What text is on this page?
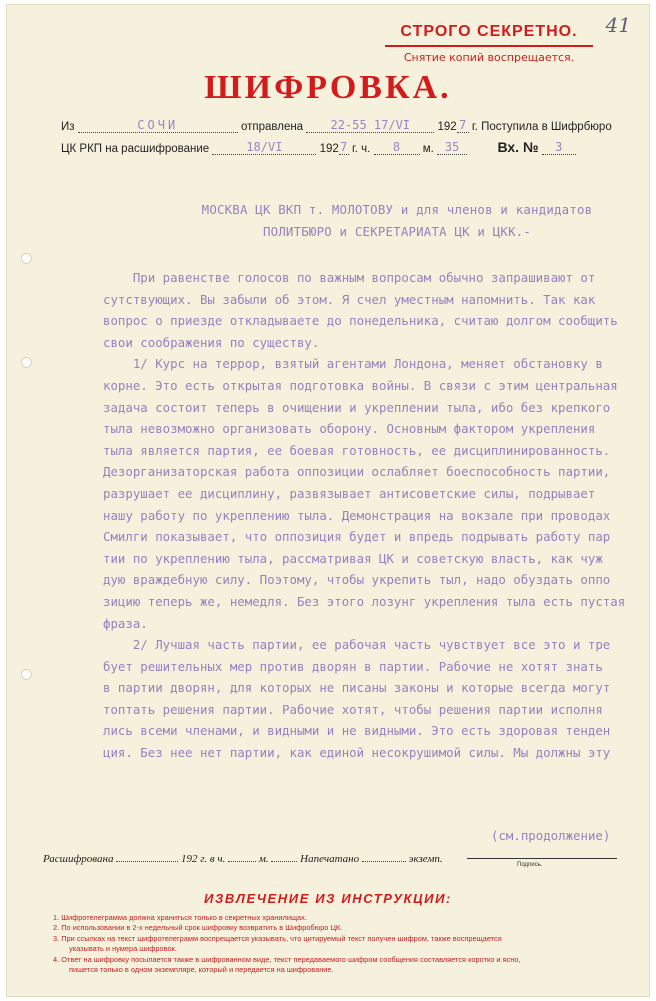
41
СТРОГО СЕКРЕТНО.
Снятие копий воспрещается.
ШИФРОВКА.
Из	СОЧИ	отправлена 22-55 17/VI 192 7 г. Поступила в Шифрбюро
ЦК РКП на расшифрование	18/VI	1927 г. ч. 8 м. 35	Вх. № 3
МОСКВА ЦК ВКП т. МОЛОТОВУ и для членов и кандидатов
ПОЛИТБЮРО и СЕКРЕТАРИАТА ЦК и ЦКК.-
При равенстве голосов по важным вопросам обычно запрашивают от
сутствующих. Вы забыли об этом. Я счел уместным напомнить. Так как
вопрос о приезде откладываете до понедельника, считаю долгом сообщить
свои соображения по существу.
1/ Курс на террор, взятый агентами Лондона, меняет обстановку в
корне. Это есть открытая подготовка войны. В связи с этим центральная
задача состоит теперь в очищении и укреплении тыла, ибо без крепкого
тыла невозможно организовать оборону. Основным фактором укрепления
тыла является партия, ее боевая готовность, ее дисциплинированность.
Дезорганизаторская работа оппозиции ослабляет боеспособность партии,
разрушает ее дисциплину, развязывает антисоветские силы, подрывает
нашу работу по укреплению тыла. Демонстрация на вокзале при проводах
Смилги показывает, что оппозиция будет и впредь подрывать работу пар
тии по укреплению тыла, рассматривая ЦК и советскую власть, как чуж
дую враждебную силу. Поэтому, чтобы укрепить тыл, надо обуздать оппо
зицию теперь же, немедля. Без этого лозунг укрепления тыла есть пустая
фраза.
2/ Лучшая часть партии, ее рабочая часть чувствует все это и тре
бует решительных мер против дворян в партии. Рабочие не хотят знать
в партии дворян, для которых не писаны законы и которые всегда могут
топтать решения партии. Рабочие хотят, чтобы решения партии исполня
лись всеми членами, и видными и не видными. Это есть здоровая тенден
ция. Без нее нет партии, как единой несокрушимой силы. Мы должны эту
(см.продолжение)
Расшифрована	192 г. в ч.	м.	Напечатано	экземп.	Подпись.
ИЗВЛЕЧЕНИЕ ИЗ ИНСТРУКЦИИ:
1. Шифротелеграмма должна храниться только в секретных хранилищах.
2. По использовании в 2-х недельный срок шифровку возвратить в Шифробюро ЦК.
3. При ссылках на текст шифротелеграмм воспрещается указывать, что цитируемый текст получен шифром, также воспрещается
указывать и нумера шифровок.
4. Ответ на шифровку посылается также в шифрованном виде, текст передаваемого шифром сообщения составляется коротко и ясно,
пишется только в одном экземпляре, который и передается на шифрование.
